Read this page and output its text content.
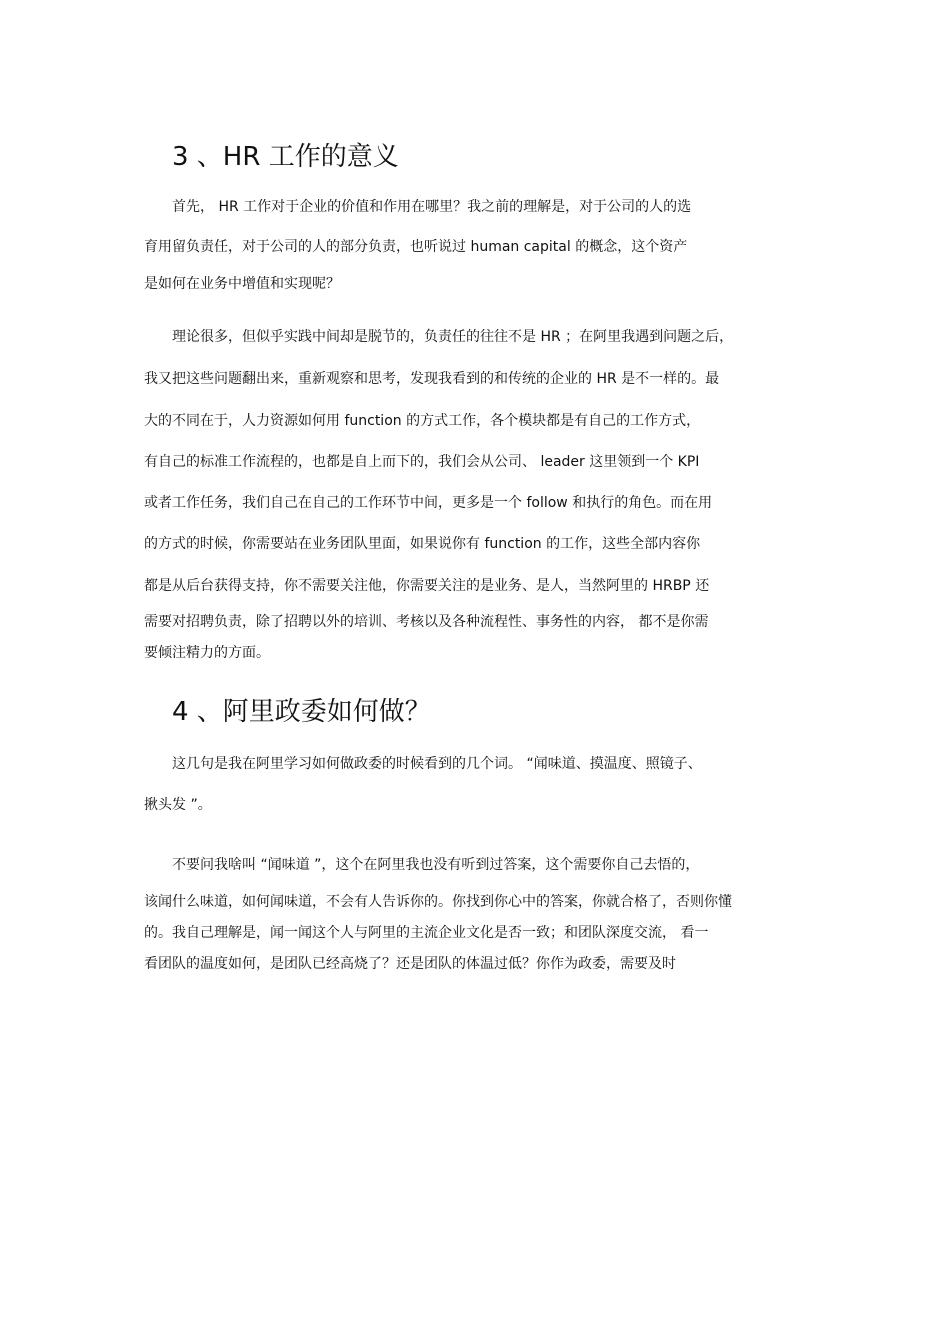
3 、HR 工作的意义

首先， HR 工作对于企业的价值和作用在哪里？我之前的理解是，对于公司的人的选

育用留负责任，对于公司的人的部分负责，也听说过 human capital 的概念，这个资产

是如何在业务中增值和实现呢？

理论很多，但似乎实践中间却是脱节的，负责任的往往不是 HR ；在阿里我遇到问题之后，

我又把这些问题翻出来，重新观察和思考，发现我看到的和传统的企业的 HR 是不一样的。最

大的不同在于，人力资源如何用 function 的方式工作，各个模块都是有自己的工作方式，

有自己的标准工作流程的，也都是自上而下的，我们会从公司、 leader 这里领到一个 KPI

或者工作任务，我们自己在自己的工作环节中间，更多是一个 follow 和执行的角色。而在用

的方式的时候，你需要站在业务团队里面，如果说你有 function 的工作，这些全部内容你

都是从后台获得支持，你不需要关注他，你需要关注的是业务、是人，当然阿里的 HRBP 还

需要对招聘负责，除了招聘以外的培训、考核以及各种流程性、事务性的内容， 都不是你需

要倾注精力的方面。

4 、阿里政委如何做？

这几句是我在阿里学习如何做政委的时候看到的几个词。 “闻味道、摸温度、照镜子、

揪头发 ”。

不要问我啥叫 “闻味道 ”，这个在阿里我也没有听到过答案，这个需要你自己去悟的，

该闻什么味道，如何闻味道，不会有人告诉你的。你找到你心中的答案，你就合格了，否则你懂

的。我自己理解是，闻一闻这个人与阿里的主流企业文化是否一致；和团队深度交流， 看一

看团队的温度如何，是团队已经高烧了？还是团队的体温过低？你作为政委，需要及时
